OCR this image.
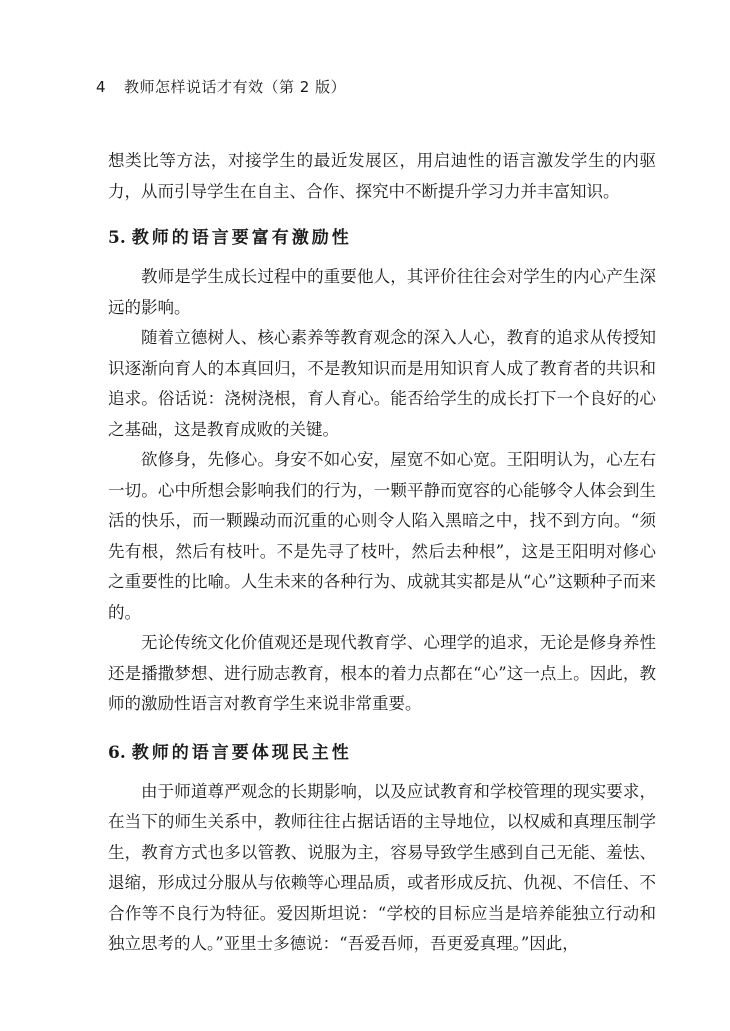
4 教师怎样说话才有效（第 2 版）

想类比等方法，对接学生的最近发展区，用启迪性的语言激发学生的内驱力，从而引导学生在自主、合作、探究中不断提升学习力并丰富知识。

5. 教师的语言要富有激励性

教师是学生成长过程中的重要他人，其评价往往会对学生的内心产生深远的影响。

随着立德树人、核心素养等教育观念的深入人心，教育的追求从传授知识逐渐向育人的本真回归，不是教知识而是用知识育人成了教育者的共识和追求。俗话说：浇树浇根，育人育心。能否给学生的成长打下一个良好的心之基础，这是教育成败的关键。

欲修身，先修心。身安不如心安，屋宽不如心宽。王阳明认为，心左右一切。心中所想会影响我们的行为，一颗平静而宽容的心能够令人体会到生活的快乐，而一颗躁动而沉重的心则令人陷入黑暗之中，找不到方向。“须先有根，然后有枝叶。不是先寻了枝叶，然后去种根”，这是王阳明对修心之重要性的比喻。人生未来的各种行为、成就其实都是从“心”这颗种子而来的。

无论传统文化价值观还是现代教育学、心理学的追求，无论是修身养性还是播撒梦想、进行励志教育，根本的着力点都在“心”这一点上。因此，教师的激励性语言对教育学生来说非常重要。

6. 教师的语言要体现民主性

由于师道尊严观念的长期影响，以及应试教育和学校管理的现实要求，在当下的师生关系中，教师往往占据话语的主导地位，以权威和真理压制学生，教育方式也多以管教、说服为主，容易导致学生感到自己无能、羞怯、退缩，形成过分服从与依赖等心理品质，或者形成反抗、仇视、不信任、不合作等不良行为特征。爱因斯坦说：“学校的目标应当是培养能独立行动和独立思考的人。”亚里士多德说：“吾爱吾师，吾更爱真理。”因此，
